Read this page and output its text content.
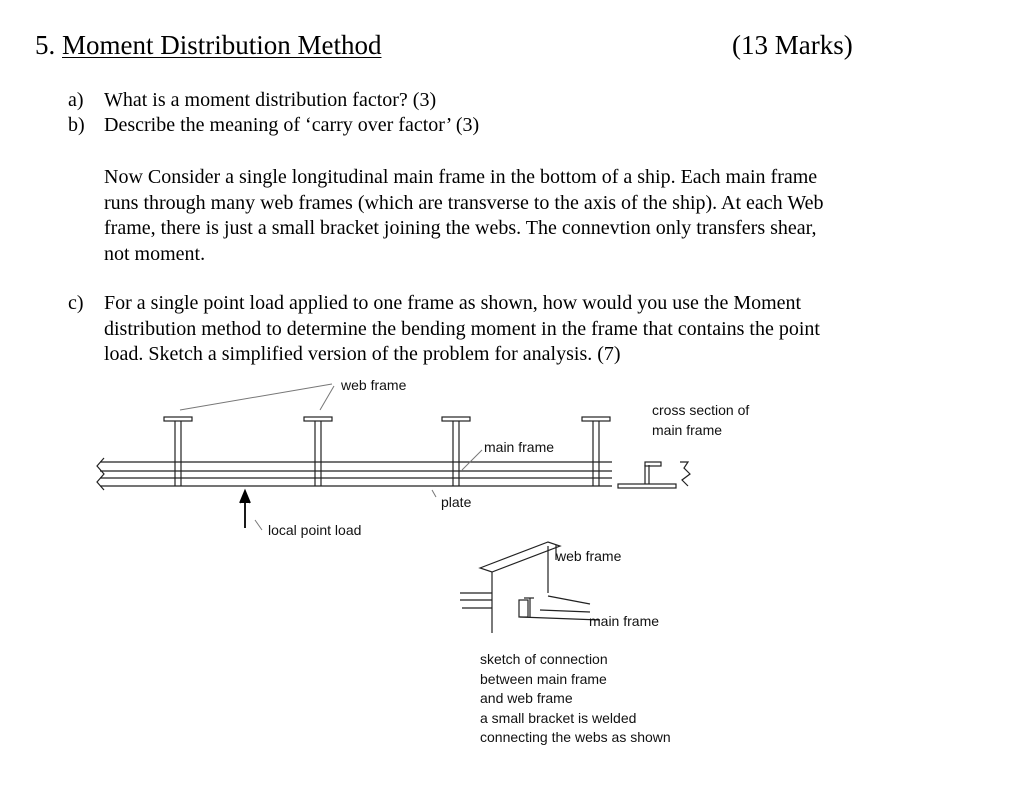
5. Moment Distribution Method	(13 Marks)
a) What is a moment distribution factor? (3)
b) Describe the meaning of ‘carry over factor’ (3)
Now Consider a single longitudinal main frame in the bottom of a ship. Each main frame
runs through many web frames (which are transverse to the axis of the ship). At each Web
frame, there is just a small bracket joining the webs. The connevtion only transfers shear,
not moment.
c) For a single point load applied to one frame as shown, how would you use the Moment
distribution method to determine the bending moment in the frame that contains the point
load. Sketch a simplified version of the problem for analysis. (7)
web frame
cross section of
main frame
main frame
plate
local point load
web frame
main frame
sketch of connection
between main frame
and web frame
a small bracket is welded
connecting the webs as shown
